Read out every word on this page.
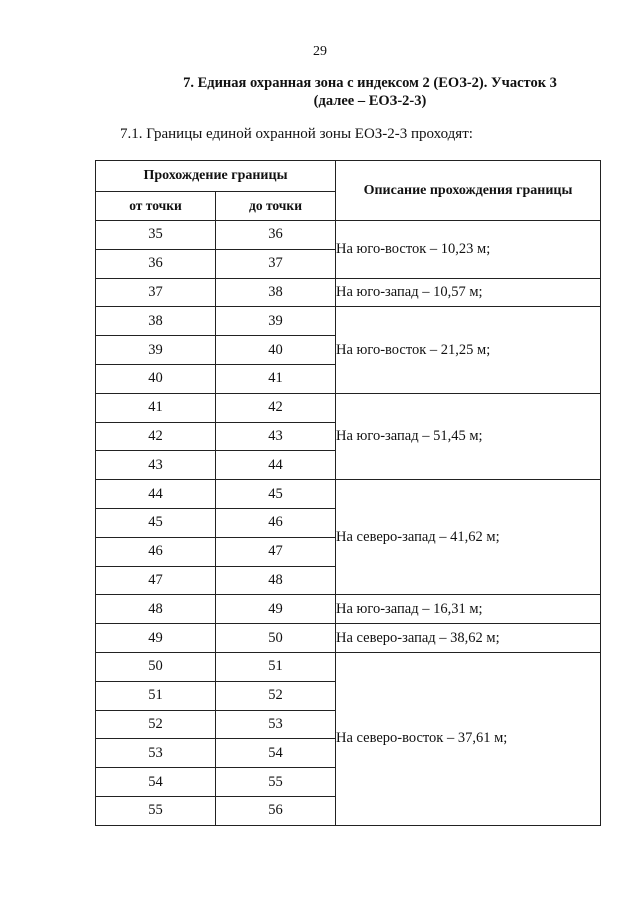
29
7. Единая охранная зона с индексом 2 (ЕОЗ-2). Участок 3
(далее – ЕОЗ-2-3)
7.1. Границы единой охранной зоны ЕОЗ-2-3 проходят:
Прохождение границы		Описание прохождения границы
от точки	до точки	
35	36	На юго-восток – 10,23 м;
36	37	
37	38	На юго-запад – 10,57 м;
38	39	На юго-восток – 21,25 м;
39	40	
40	41	
41	42	На юго-запад – 51,45 м;
42	43	
43	44	
44	45	На северо-запад – 41,62 м;
45	46	
46	47	
47	48	
48	49	На юго-запад – 16,31 м;
49	50	На северо-запад – 38,62 м;
50	51	На северо-восток – 37,61 м;
51	52	
52	53	
53	54	
54	55	
55	56	
